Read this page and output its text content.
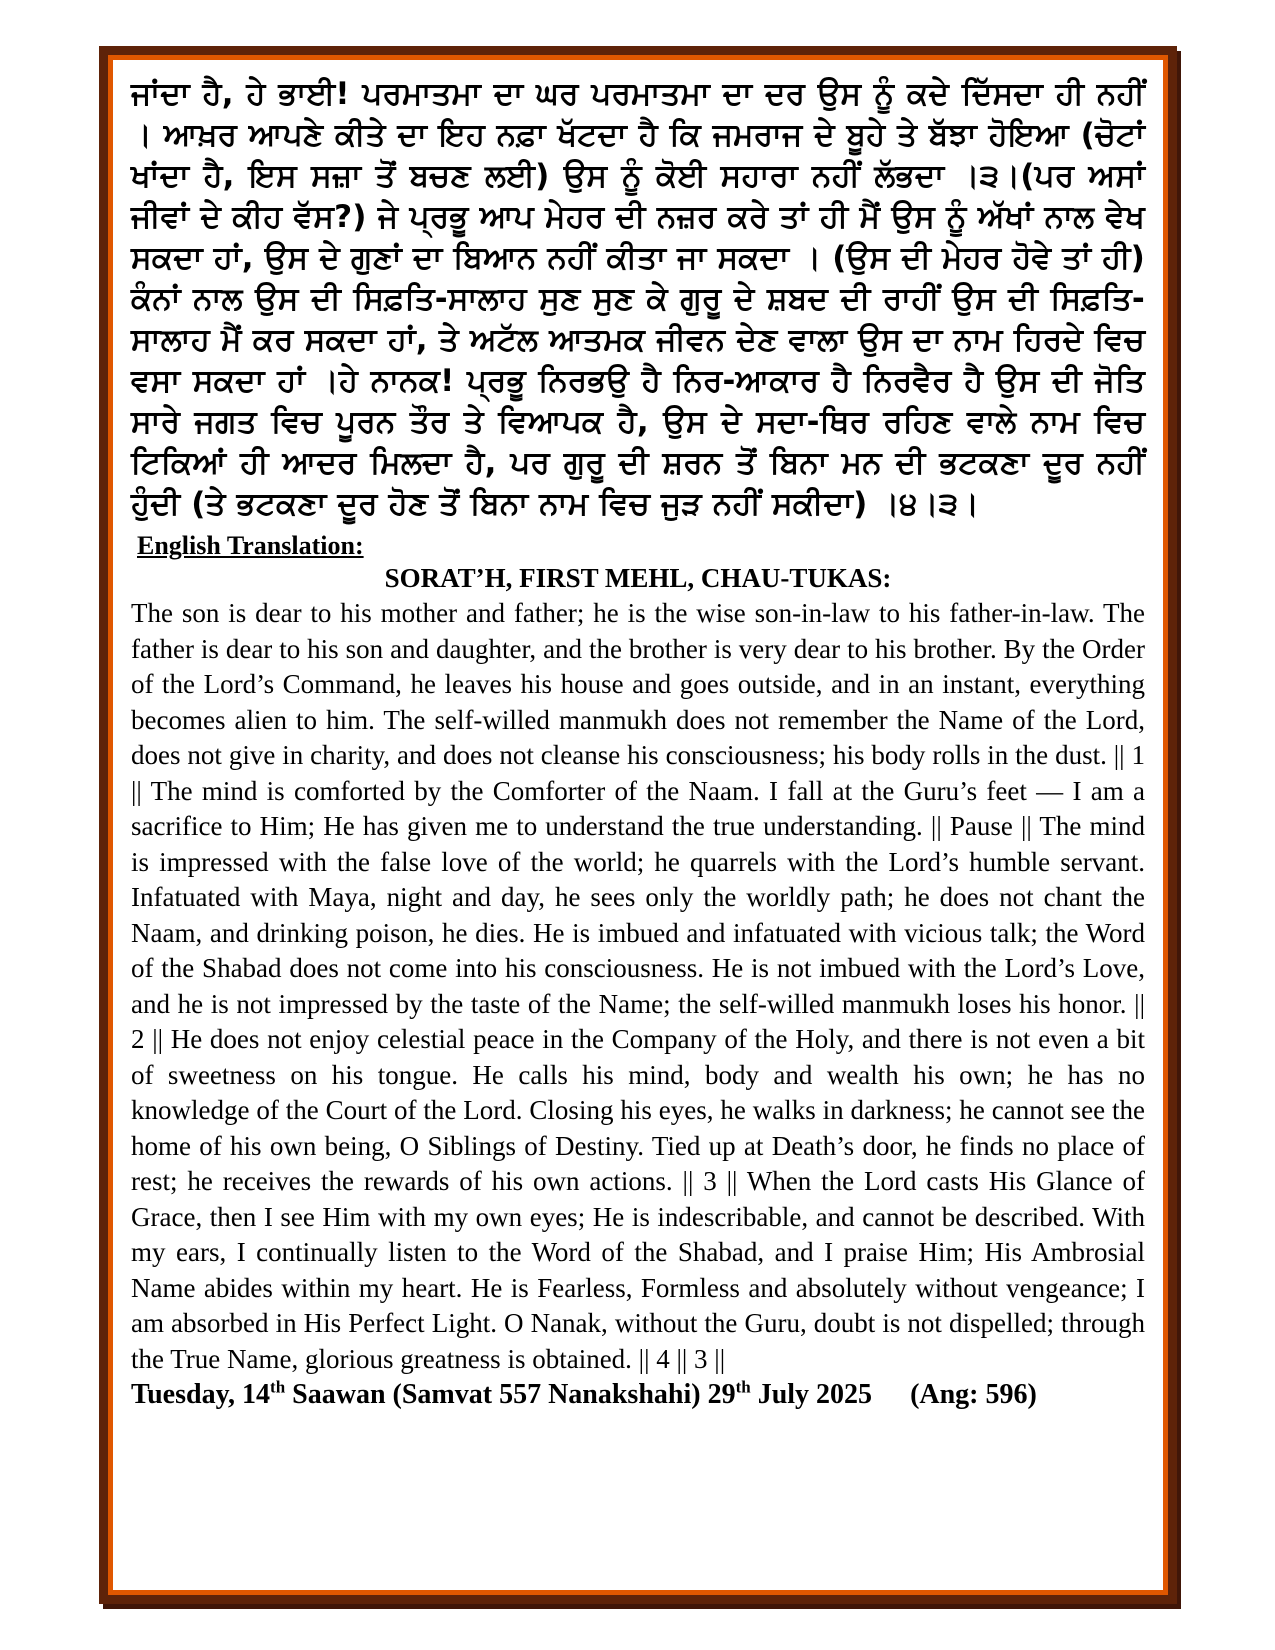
ਜਾਂਦਾ ਹੈ, ਹੇ ਭਾਈ! ਪਰਮਾਤਮਾ ਦਾ ਘਰ ਪਰਮਾਤਮਾ ਦਾ ਦਰ ਉਸ ਨੂੰ ਕਦੇ ਦਿੱਸਦਾ ਹੀ ਨਹੀਂ । ਆਖ਼ਰ ਆਪਣੇ ਕੀਤੇ ਦਾ ਇਹ ਨਫ਼ਾ ਖੱਟਦਾ ਹੈ ਕਿ ਜਮਰਾਜ ਦੇ ਬੂਹੇ ਤੇ ਬੱਝਾ ਹੋਇਆ (ਚੋਟਾਂ ਖਾਂਦਾ ਹੈ, ਇਸ ਸਜ਼ਾ ਤੋਂ ਬਚਣ ਲਈ) ਉਸ ਨੂੰ ਕੋਈ ਸਹਾਰਾ ਨਹੀਂ ਲੱਭਦਾ ।੩।(ਪਰ ਅਸਾਂ ਜੀਵਾਂ ਦੇ ਕੀਹ ਵੱਸ?) ਜੇ ਪ੍ਰਭੂ ਆਪ ਮੇਹਰ ਦੀ ਨਜ਼ਰ ਕਰੇ ਤਾਂ ਹੀ ਮੈਂ ਉਸ ਨੂੰ ਅੱਖਾਂ ਨਾਲ ਵੇਖ ਸਕਦਾ ਹਾਂ, ਉਸ ਦੇ ਗੁਣਾਂ ਦਾ ਬਿਆਨ ਨਹੀਂ ਕੀਤਾ ਜਾ ਸਕਦਾ । (ਉਸ ਦੀ ਮੇਹਰ ਹੋਵੇ ਤਾਂ ਹੀ) ਕੰਨਾਂ ਨਾਲ ਉਸ ਦੀ ਸਿਫ਼ਤਿ-ਸਾਲਾਹ ਸੁਣ ਸੁਣ ਕੇ ਗੁਰੂ ਦੇ ਸ਼ਬਦ ਦੀ ਰਾਹੀਂ ਉਸ ਦੀ ਸਿਫ਼ਤਿ-ਸਾਲਾਹ ਮੈਂ ਕਰ ਸਕਦਾ ਹਾਂ, ਤੇ ਅਟੱਲ ਆਤਮਕ ਜੀਵਨ ਦੇਣ ਵਾਲਾ ਉਸ ਦਾ ਨਾਮ ਹਿਰਦੇ ਵਿਚ ਵਸਾ ਸਕਦਾ ਹਾਂ ।ਹੇ ਨਾਨਕ! ਪ੍ਰਭੂ ਨਿਰਭਉ ਹੈ ਨਿਰ-ਆਕਾਰ ਹੈ ਨਿਰਵੈਰ ਹੈ ਉਸ ਦੀ ਜੋਤਿ ਸਾਰੇ ਜਗਤ ਵਿਚ ਪੂਰਨ ਤੌਰ ਤੇ ਵਿਆਪਕ ਹੈ, ਉਸ ਦੇ ਸਦਾ-ਥਿਰ ਰਹਿਣ ਵਾਲੇ ਨਾਮ ਵਿਚ ਟਿਕਿਆਂ ਹੀ ਆਦਰ ਮਿਲਦਾ ਹੈ, ਪਰ ਗੁਰੂ ਦੀ ਸ਼ਰਨ ਤੋਂ ਬਿਨਾ ਮਨ ਦੀ ਭਟਕਣਾ ਦੂਰ ਨਹੀਂ ਹੁੰਦੀ (ਤੇ ਭਟਕਣਾ ਦੂਰ ਹੋਣ ਤੋਂ ਬਿਨਾ ਨਾਮ ਵਿਚ ਜੁੜ ਨਹੀਂ ਸਕੀਦਾ) ।੪।੩।

English Translation:
SORAT’H, FIRST MEHL, CHAU-TUKAS:

The son is dear to his mother and father; he is the wise son-in-law to his father-in-law. The father is dear to his son and daughter, and the brother is very dear to his brother. By the Order of the Lord’s Command, he leaves his house and goes outside, and in an instant, everything becomes alien to him. The self-willed manmukh does not remember the Name of the Lord, does not give in charity, and does not cleanse his consciousness; his body rolls in the dust. || 1 || The mind is comforted by the Comforter of the Naam. I fall at the Guru’s feet — I am a sacrifice to Him; He has given me to understand the true understanding. || Pause || The mind is impressed with the false love of the world; he quarrels with the Lord’s humble servant. Infatuated with Maya, night and day, he sees only the worldly path; he does not chant the Naam, and drinking poison, he dies. He is imbued and infatuated with vicious talk; the Word of the Shabad does not come into his consciousness. He is not imbued with the Lord’s Love, and he is not impressed by the taste of the Name; the self-willed manmukh loses his honor. || 2 || He does not enjoy celestial peace in the Company of the Holy, and there is not even a bit of sweetness on his tongue. He calls his mind, body and wealth his own; he has no knowledge of the Court of the Lord. Closing his eyes, he walks in darkness; he cannot see the home of his own being, O Siblings of Destiny. Tied up at Death’s door, he finds no place of rest; he receives the rewards of his own actions. || 3 || When the Lord casts His Glance of Grace, then I see Him with my own eyes; He is indescribable, and cannot be described. With my ears, I continually listen to the Word of the Shabad, and I praise Him; His Ambrosial Name abides within my heart. He is Fearless, Formless and absolutely without vengeance; I am absorbed in His Perfect Light. O Nanak, without the Guru, doubt is not dispelled; through the True Name, glorious greatness is obtained. || 4 || 3 ||

Tuesday, 14th Saawan (Samvat 557 Nanakshahi) 29th July 2025 (Ang: 596)
